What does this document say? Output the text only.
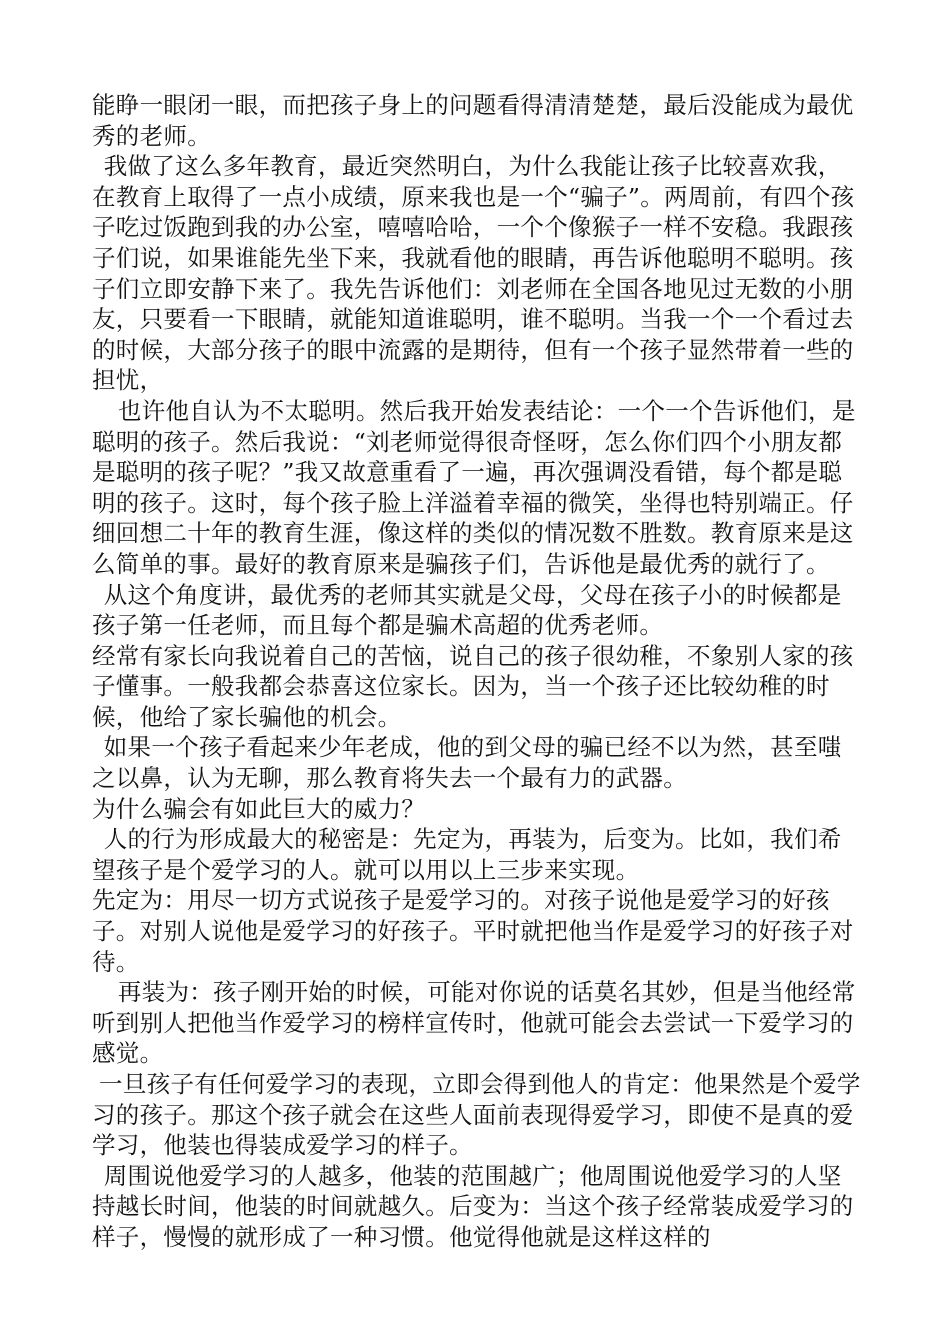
能睁一眼闭一眼，而把孩子身上的问题看得清清楚楚，最后没能成为最优秀的老师。

我做了这么多年教育，最近突然明白，为什么我能让孩子比较喜欢我，在教育上取得了一点小成绩，原来我也是一个“骗子”。两周前，有四个孩子吃过饭跑到我的办公室，嘻嘻哈哈，一个个像猴子一样不安稳。我跟孩子们说，如果谁能先坐下来，我就看他的眼睛，再告诉他聪明不聪明。孩子们立即安静下来了。我先告诉他们：刘老师在全国各地见过无数的小朋友，只要看一下眼睛，就能知道谁聪明，谁不聪明。当我一个一个看过去的时候，大部分孩子的眼中流露的是期待，但有一个孩子显然带着一些的担忧，

也许他自认为不太聪明。然后我开始发表结论：一个一个告诉他们，是聪明的孩子。然后我说：“刘老师觉得很奇怪呀，怎么你们四个小朋友都是聪明的孩子呢？”我又故意重看了一遍，再次强调没看错，每个都是聪明的孩子。这时，每个孩子脸上洋溢着幸福的微笑，坐得也特别端正。仔细回想二十年的教育生涯，像这样的类似的情况数不胜数。教育原来是这么简单的事。最好的教育原来是骗孩子们，告诉他是最优秀的就行了。

从这个角度讲，最优秀的老师其实就是父母，父母在孩子小的时候都是孩子第一任老师，而且每个都是骗术高超的优秀老师。

经常有家长向我说着自己的苦恼，说自己的孩子很幼稚，不象别人家的孩子懂事。一般我都会恭喜这位家长。因为，当一个孩子还比较幼稚的时候，他给了家长骗他的机会。

如果一个孩子看起来少年老成，他的到父母的骗已经不以为然，甚至嗤之以鼻，认为无聊，那么教育将失去一个最有力的武器。

为什么骗会有如此巨大的威力？

人的行为形成最大的秘密是：先定为，再装为，后变为。比如，我们希望孩子是个爱学习的人。就可以用以上三步来实现。

先定为：用尽一切方式说孩子是爱学习的。对孩子说他是爱学习的好孩子。对别人说他是爱学习的好孩子。平时就把他当作是爱学习的好孩子对待。

再装为：孩子刚开始的时候，可能对你说的话莫名其妙，但是当他经常听到别人把他当作爱学习的榜样宣传时，他就可能会去尝试一下爱学习的感觉。

一旦孩子有任何爱学习的表现，立即会得到他人的肯定：他果然是个爱学习的孩子。那这个孩子就会在这些人面前表现得爱学习，即使不是真的爱学习，他装也得装成爱学习的样子。

周围说他爱学习的人越多，他装的范围越广；他周围说他爱学习的人坚持越长时间，他装的时间就越久。后变为：当这个孩子经常装成爱学习的样子，慢慢的就形成了一种习惯。他觉得他就是这样这样的
